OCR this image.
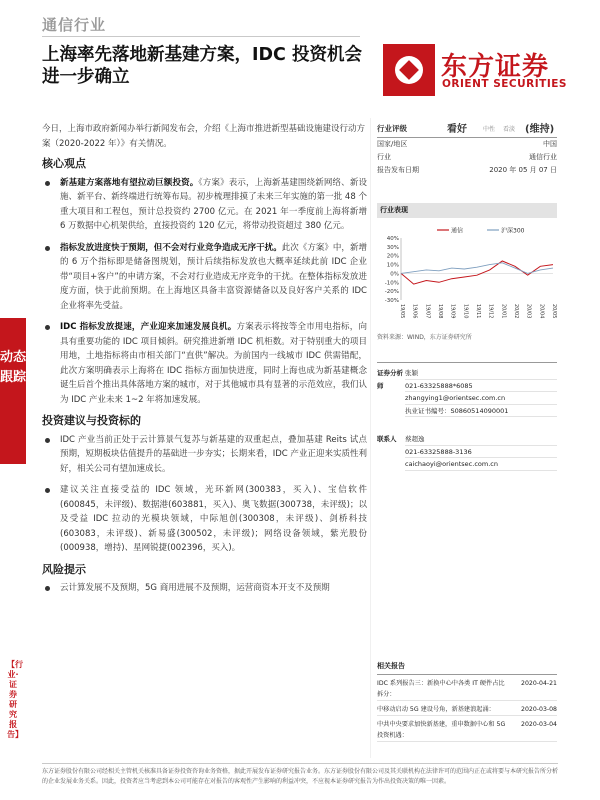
通信行业
上海率先落地新基建方案，IDC 投资机会进一步确立	东方证券
ORIENT SECURITIES
动态跟踪
【行业·证券研究报告】

今日，上海市政府新闻办举行新闻发布会，介绍《上海市推进新型基础设施建设行动方案（2020-2022 年）》有关情况。

核心观点
新基建方案落地有望拉动巨额投资。《方案》表示，上海新基建围绕新网络、新设施、新平台、新终端进行统筹布局。初步梳理排摸了未来三年实施的第一批 48 个重大项目和工程包，预计总投资约 2700 亿元。在 2021 年一季度前上海将新增 6 万数据中心机架供给，直接投资约 120 亿元，将带动投资超过 380 亿元。
指标发放进度快于预期，但不会对行业竞争造成无序干扰。此次《方案》中，新增的 6 万个指标即是储备图规划，预计后续指标发放也大概率延续此前 IDC 企业带“项目+客户”的申请方案，不会对行业造成无序竞争的干扰。在整体指标发放进度方面，快于此前预期。在上海地区具备丰富资源储备以及良好客户关系的 IDC 企业将率先受益。
IDC 指标发放提速，产业迎来加速发展良机。方案表示将按等全市用电指标，向具有重要功能的 IDC 项目倾斜。研究推进新增 IDC 机柜数。对于特别重大的项目用地，土地指标将由市相关部门“直供”解决。为前国内一线城市 IDC 供需错配，此次方案明确表示上海将在 IDC 指标方面加快进度，同时上海也成为新基建概念诞生后首个推出具体落地方案的城市，对于其他城市具有显著的示范效应，我们认为 IDC 产业未来 1~2 年将加速发展。
投资建议与投资标的
IDC 产业当前正处于云计算景气复苏与新基建的双重起点，叠加基建 Reits 试点预期，短期板块估值提升的基础进一步夯实；长期来看，IDC 产业正迎来实质性利好，相关公司有望加速成长。
建议关注直接受益的 IDC 领域，光环新网(300383，买入)、宝信软件(600845，未评级)、数据港(603881，买入)、奥飞数据(300738，未评级)；以及受益 IDC 拉动的光模块领域，中际旭创(300308，未评级)、剑桥科技(603083，未评级)、新易盛(300502，未评级)；网络设备领域，紫光股份(000938，增持)、星网锐捷(002396，买入)。
风险提示
云计算发展不及预期，5G 商用进展不及预期，运营商资本开支不及预期
行业评级	看好	中性 看淡 (维持)
国家/地区	中国
行业	通信行业
报告发布日期	2020 年 05 月 07 日
行业表现
通信	沪深300
40%
30%
20%
10%
0%
-10%
-20%
-30%
19/05 19/06 19/07 19/08 19/09 19/10 19/11 19/12 20/01 20/02 20/03 20/04 20/05
资料来源：WIND，东方证券研究所
证券分析师
张颖
021-63325888*6085
zhangying1@orientsec.com.cn
执业证书编号：S0860514090001
联系人	蔡超逸
021-63325888-3136
caichaoyi@orientsec.com.cn
相关报告
IDC 系列报告三：新换中心中各类 IT 硬件占比拆分：
2020-04-21
中移动启动 5G 建设号角，新基建浪起涌：	2020-03-08
中共中央要求加快新基建，重申数据中心和 5G 投资机遇：
2020-03-04
东方证券股份有限公司经相关主管机关核准具备证券投资咨询业务资格，据此开展发布证券研究报告业务。东方证券股份有限公司及其关联机构在法律许可的范围内正在或将要与本研究报告所分析的企业发展业务关系。因此，投资者应当考虑到本公司可能存在对报告的客观性产生影响的利益冲突，不应视本证券研究报告为作出投资决策的唯一因素。
